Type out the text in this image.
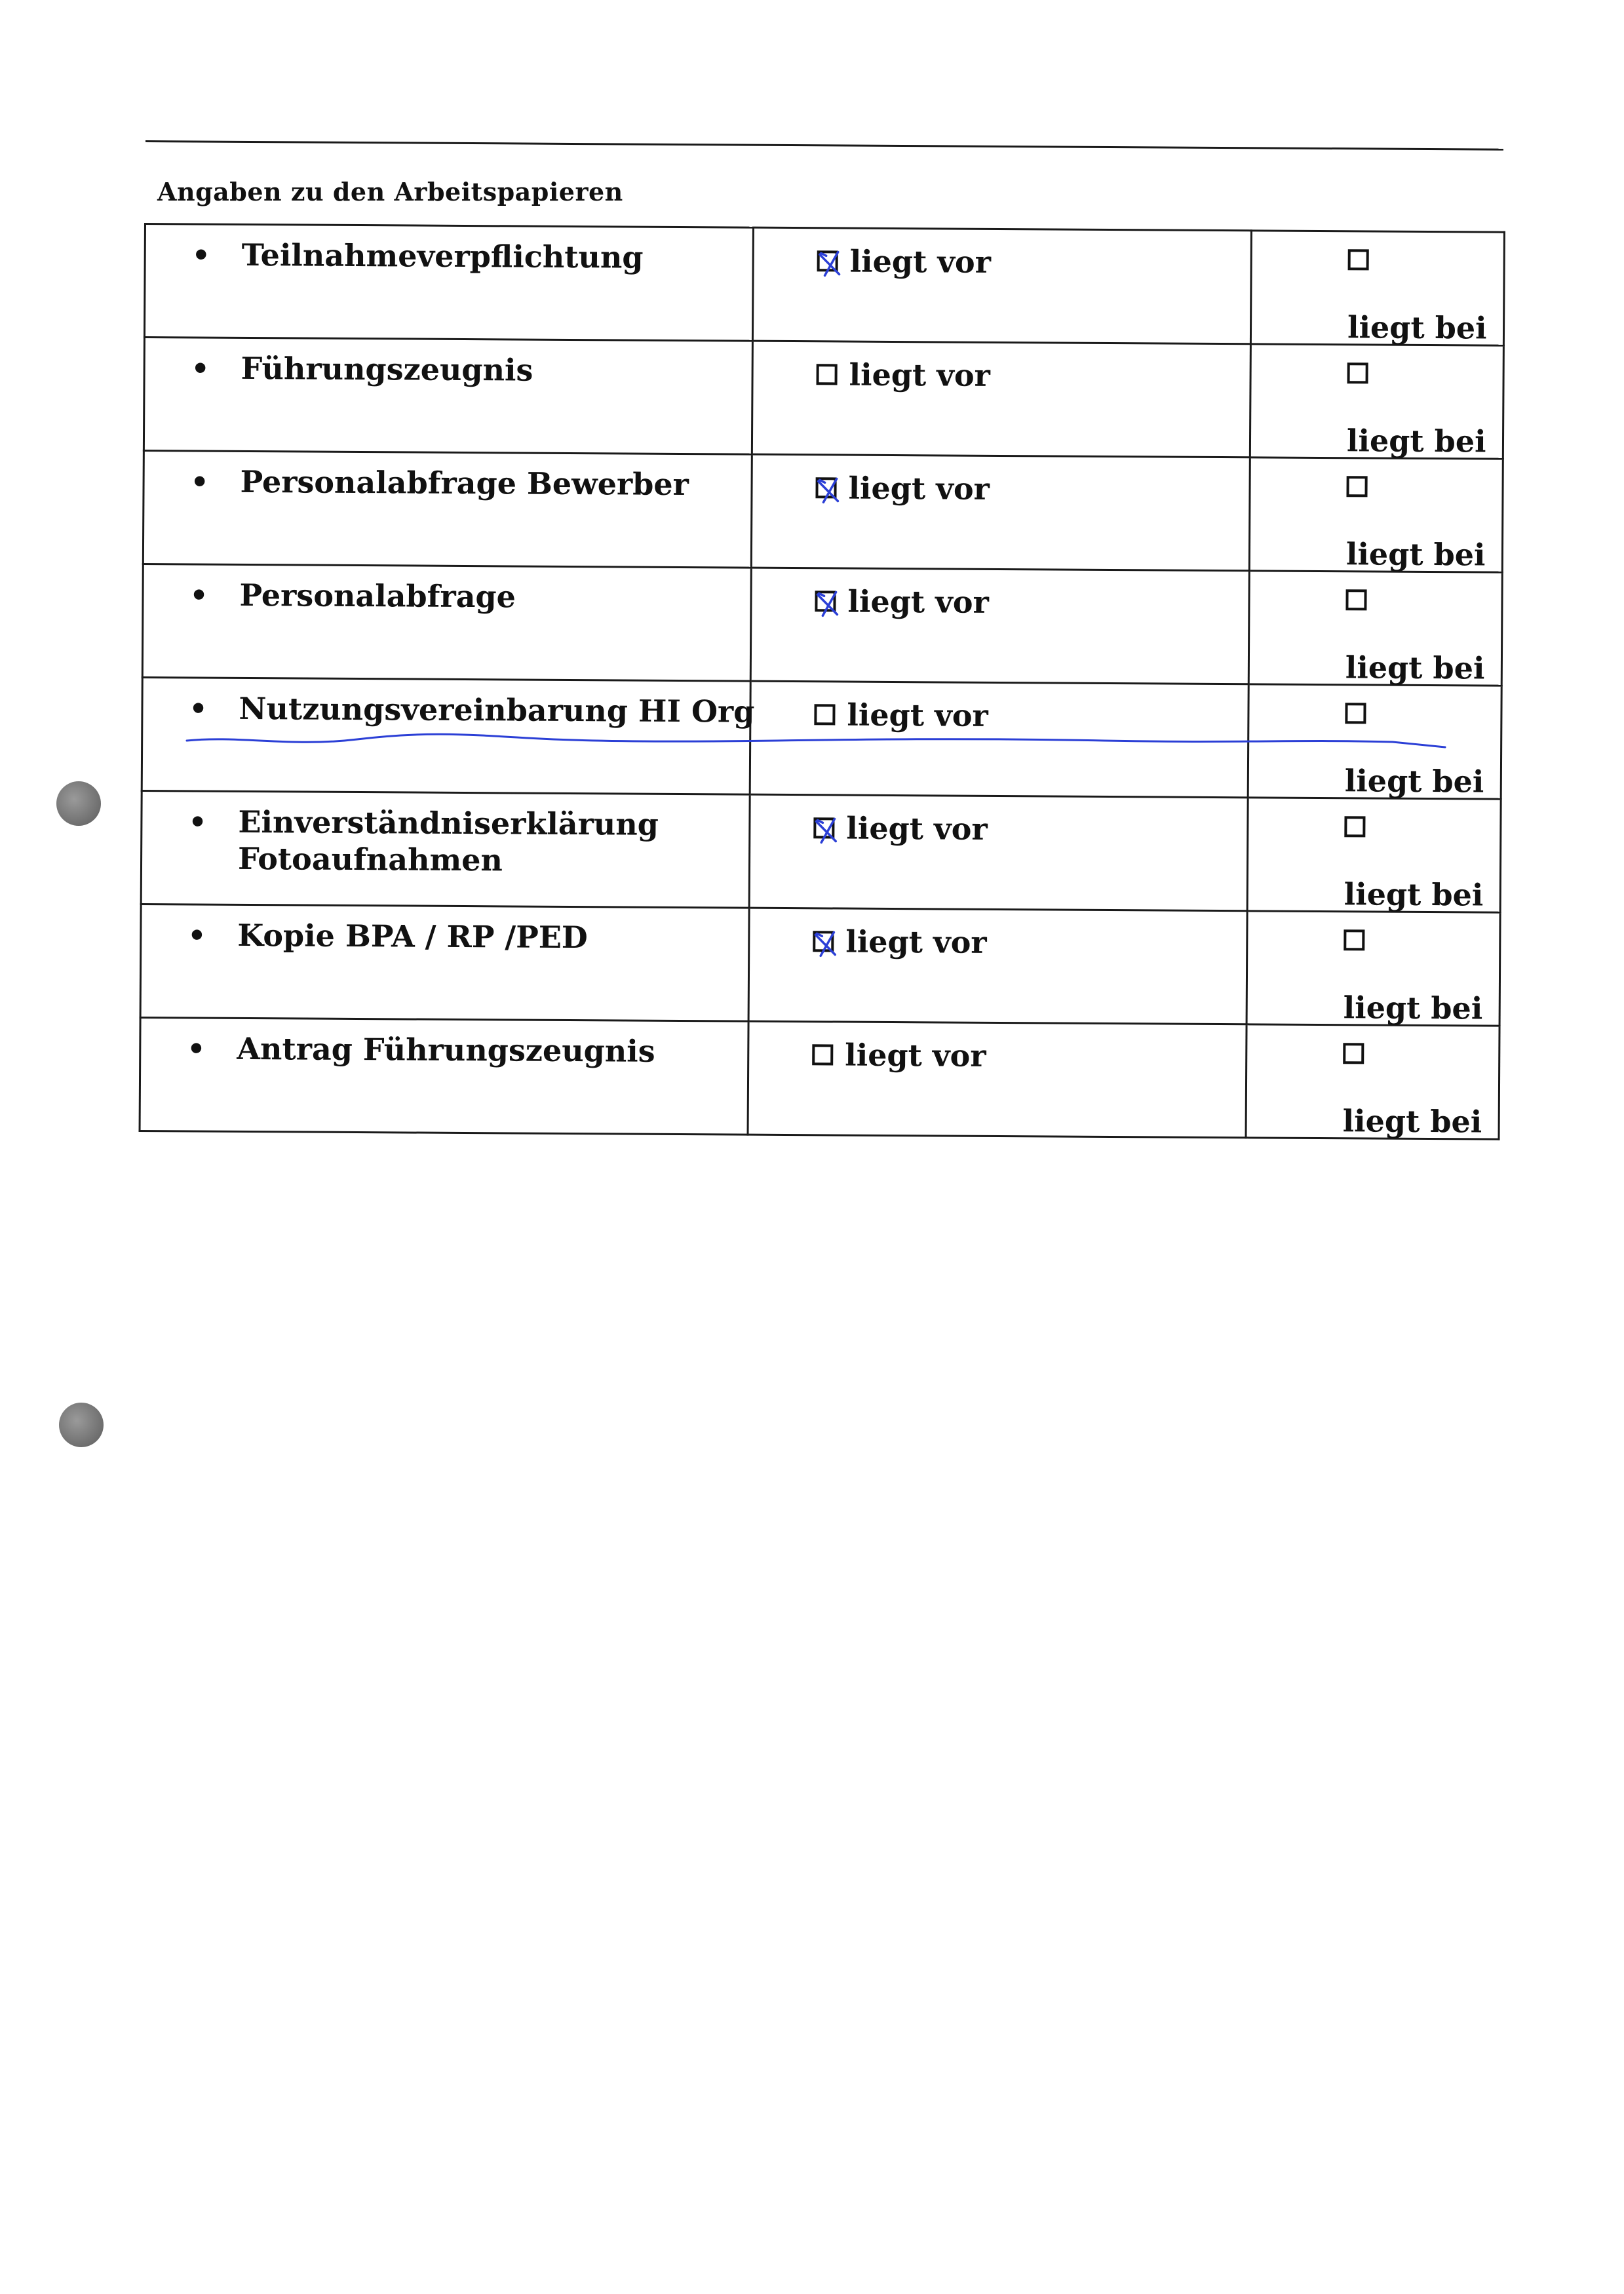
Angaben zu den Arbeitspapieren
• Teilnahmeverpflichtung	liegt vor	liegt bei

• Führungszeugnis	liegt vor	liegt bei

• Personalabfrage Bewerber	liegt vor	liegt bei

• Personalabfrage	liegt vor	liegt bei

• Nutzungsvereinbarung HI Org	liegt vor	liegt bei

• Einverständniserklärung Fotoaufnahmen	liegt vor	liegt bei

• Kopie BPA / RP /PED	liegt vor	liegt bei

• Antrag Führungszeugnis	liegt vor	liegt bei
